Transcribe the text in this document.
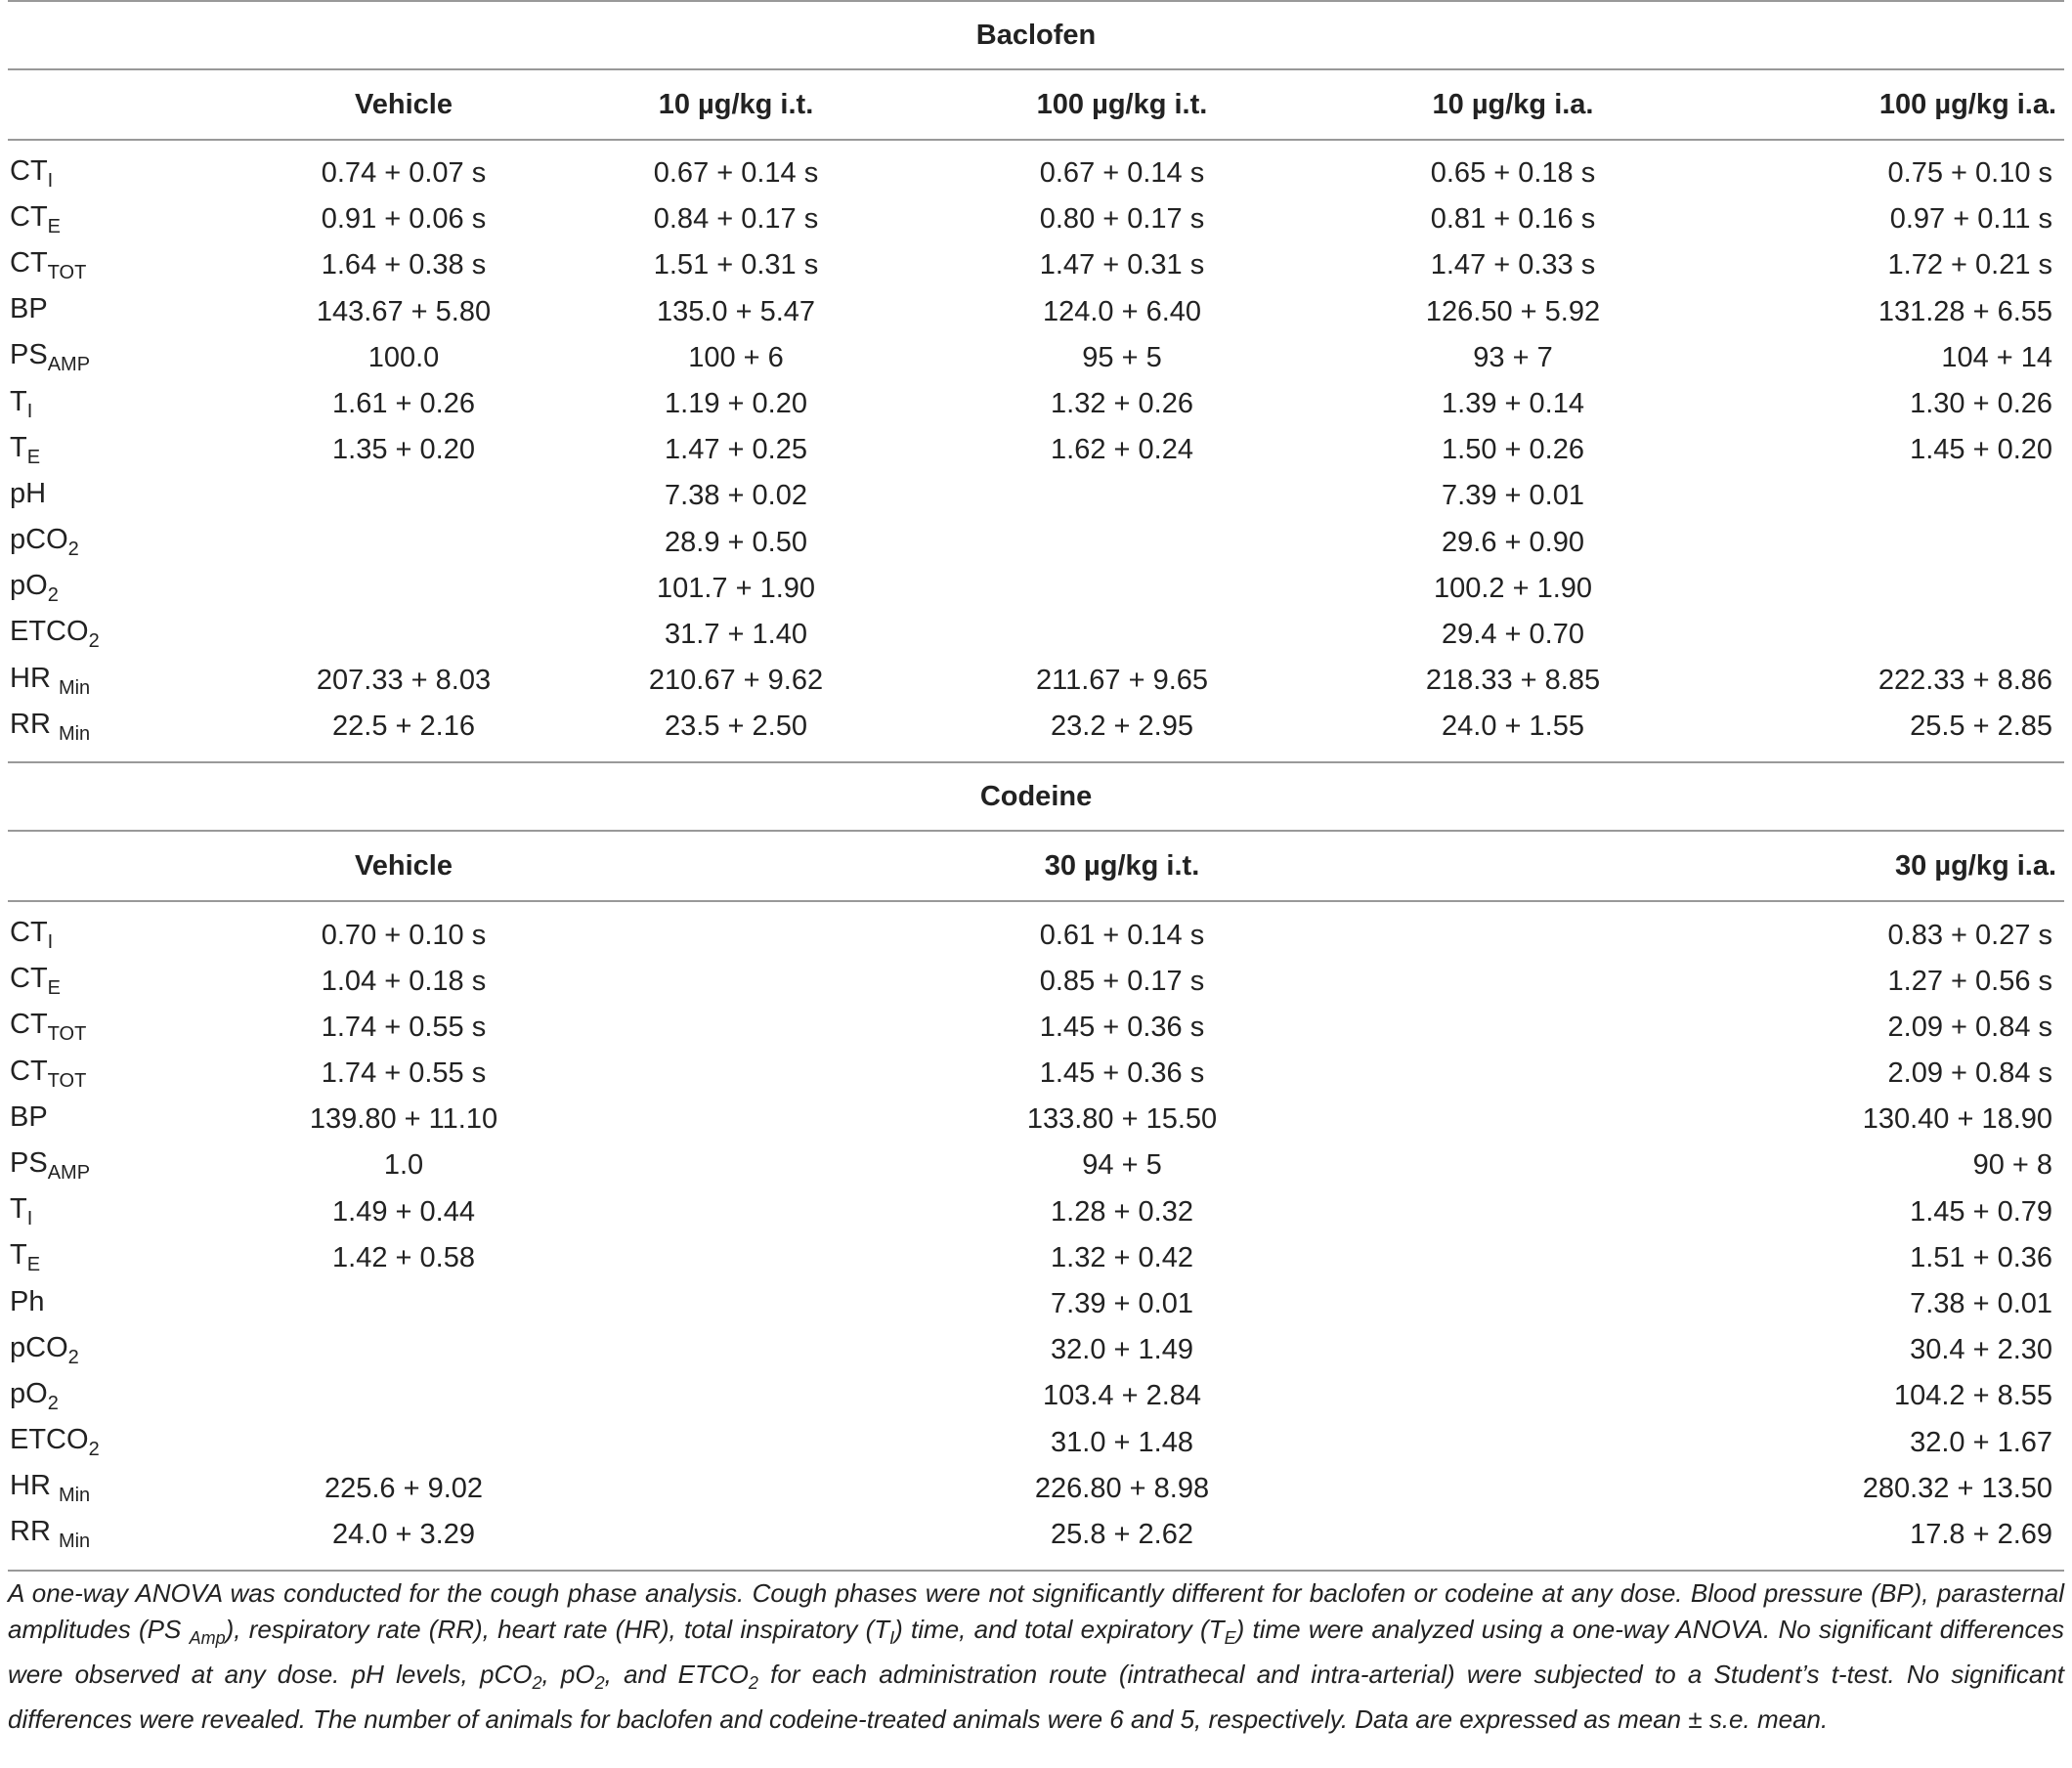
Baclofen					
	Vehicle	10 µg/kg i.t.	100 µg/kg i.t.	10 µg/kg i.a.	100 µg/kg i.a.

$CT_I$	0.74 + 0.07 s	0.67 + 0.14 s	0.67 + 0.14 s	0.65 + 0.18 s	0.75 + 0.10 s
$CT_E$	0.91 + 0.06 s	0.84 + 0.17 s	0.80 + 0.17 s	0.81 + 0.16 s	0.97 + 0.11 s
$CT_{TOT}$	1.64 + 0.38 s	1.51 + 0.31 s	1.47 + 0.31 s	1.47 + 0.33 s	1.72 + 0.21 s
BP	143.67 + 5.80	135.0 + 5.47	124.0 + 6.40	126.50 + 5.92	131.28 + 6.55
$PS_{AMP}$	100.0	100 + 6	95 + 5	93 + 7	104 + 14
$T_I$	1.61 + 0.26	1.19 + 0.20	1.32 + 0.26	1.39 + 0.14	1.30 + 0.26
$T_E$	1.35 + 0.20	1.47 + 0.25	1.62 + 0.24	1.50 + 0.26	1.45 + 0.20
pH		7.38 + 0.02		7.39 + 0.01	
pCO$_2$		28.9 + 0.50		29.6 + 0.90	
$pO_2$		101.7 + 1.90		100.2 + 1.90	
$ETCO_2$		31.7 + 1.40		29.4 + 0.70	
HR $_{Min}$	207.33 + 8.03	210.67 + 9.62	211.67 + 9.65	218.33 + 8.85	222.33 + 8.86
RR $_{Min}$	22.5 + 2.16	23.5 + 2.50	23.2 + 2.95	24.0 + 1.55	25.5 + 2.85

Codeine					
	Vehicle		30 µg/kg i.t.		30 µg/kg i.a.

$CT_I$	0.70 + 0.10 s		0.61 + 0.14 s		0.83 + 0.27 s
$CT_E$	1.04 + 0.18 s		0.85 + 0.17 s		1.27 + 0.56 s
$CT_{TOT}$	1.74 + 0.55 s		1.45 + 0.36 s		2.09 + 0.84 s
$CT_{TOT}$	1.74 + 0.55 s		1.45 + 0.36 s		2.09 + 0.84 s
BP	139.80 + 11.10		133.80 + 15.50		130.40 + 18.90
$PS_{AMP}$	1.0		94 + 5		90 + 8
$T_I$	1.49 + 0.44		1.28 + 0.32		1.45 + 0.79
$T_E$	1.42 + 0.58		1.32 + 0.42		1.51 + 0.36
Ph			7.39 + 0.01		7.38 + 0.01
pCO$_2$			32.0 + 1.49		30.4 + 2.30
$pO_2$			103.4 + 2.84		104.2 + 8.55
$ETCO_2$			31.0 + 1.48		32.0 + 1.67
HR $_{Min}$	225.6 + 9.02		226.80 + 8.98		280.32 + 13.50
RR $_{Min}$	24.0 + 3.29		25.8 + 2.62		17.8 + 2.69

A one-way ANOVA was conducted for the cough phase analysis. Cough phases were not significantly different for baclofen or codeine at any dose. Blood pressure (BP), parasternal amplitudes (PS $_{Amp}$), respiratory rate (RR), heart rate (HR), total inspiratory $(T_I)$ time, and total expiratory $(T_E)$ time were analyzed using a one-way ANOVA. No significant differences were observed at any dose. pH levels, pCO$_2$, $pO_2$, and $ETCO_2$ for each administration route (intrathecal and intra-arterial) were subjected to a Student’s t-test. No significant differences were revealed. The number of animals for baclofen and codeine-treated animals were 6 and 5, respectively. Data are expressed as mean ± s.e. mean.
